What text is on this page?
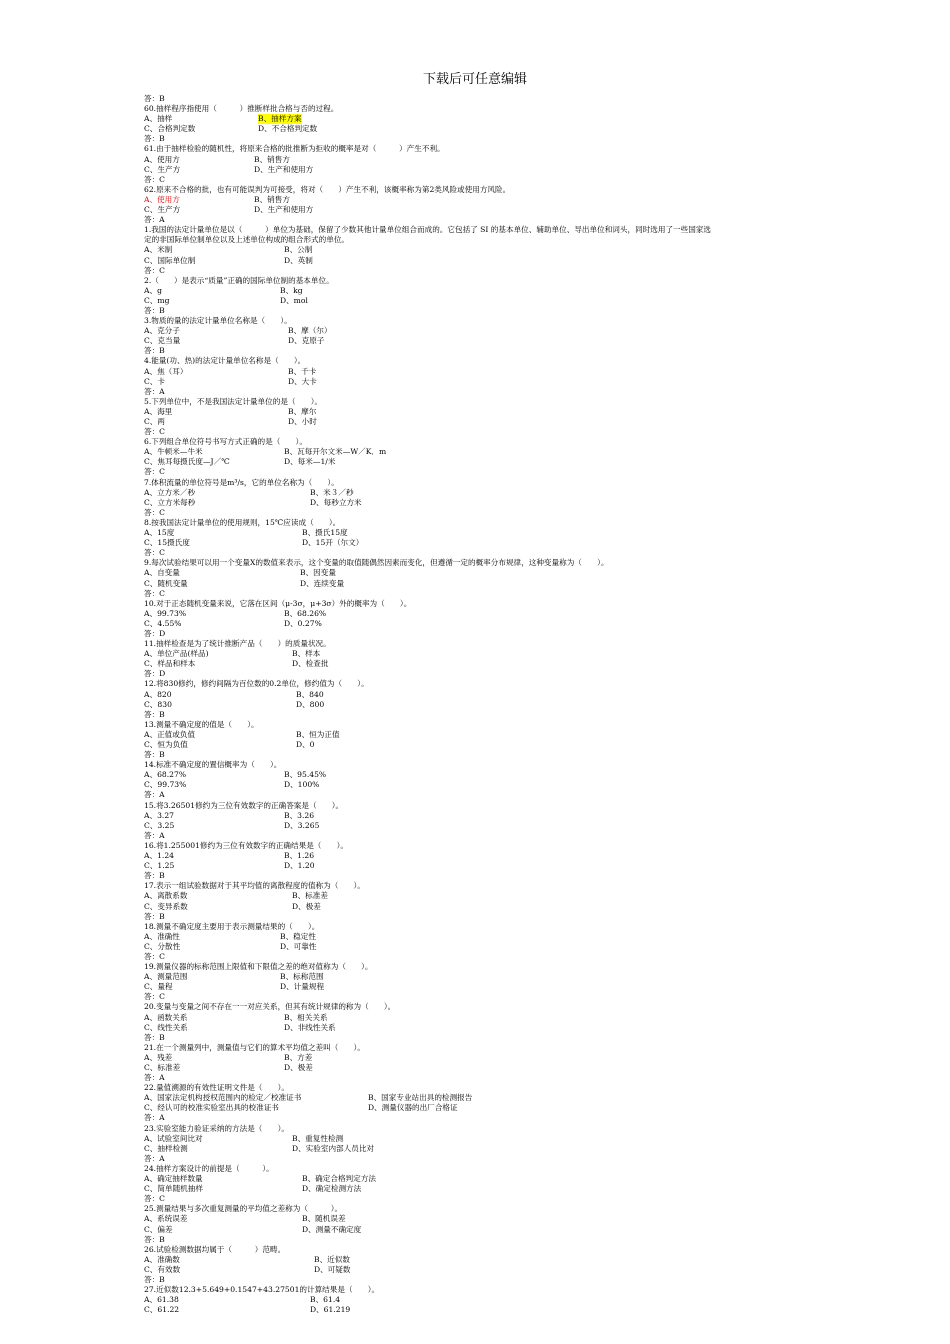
下载后可任意编辑
答：B
60.抽样程序指使用（　　　）推断样批合格与否的过程。
A、抽样	B、抽样方案
C、合格判定数	D、不合格判定数
答：B
61.由于抽样检验的随机性，将原来合格的批推断为拒收的概率是对（　　　）产生不利。
A、使用方	B、销售方
C、生产方	D、生产和使用方
答：C
62.原来不合格的批，也有可能误判为可接受，将对（　　）产生不利，该概率称为第2类风险或使用方风险。
A、使用方	B、销售方
C、生产方	D、生产和使用方
答：A
1.我国的法定计量单位是以（　　　）单位为基础，保留了少数其他计量单位组合而成的。它包括了 SI 的基本单位、辅助单位、导出单位和词头，同时选用了一些国家选
定的非国际单位制单位以及上述单位构成的组合形式的单位。
A、米制	B、公制
C、国际单位制	D、英制
答：C
2.（　　）是表示“质量”正确的国际单位制的基本单位。
A、g	B、kg
C、mg	D、mol
答：B
3.物质的量的法定计量单位名称是（　　）。
A、克分子	B、摩（尔）
C、克当量	D、克原子
答：B
4.能量(功、热)的法定计量单位名称是（　　）。
A、焦（耳）	B、千卡
C、卡	D、大卡
答：A
5.下列单位中，不是我国法定计量单位的是（　　）。
A、海里	B、摩尔
C、两	D、小时
答：C
6.下列组合单位符号书写方式正确的是（　　）。
A、牛顿米—牛米	B、瓦每开尔文米—W／K．m
C、焦耳每摄氏度—J／℃	D、每米—1/米
答：C
7.体积流量的单位符号是m³/s，它的单位名称为（　　）。
A、立方米／秒	B、米３／秒
C、立方米每秒	D、每秒立方米
答：C
8.按我国法定计量单位的使用规则，15℃应读成（　　）。
A、15度	B、摄氏15度
C、15摄氏度	D、15开（尔文）
答：C
9.每次试验结果可以用一个变量X的数值来表示，这个变量的取值随偶然因素而变化，但遵循一定的概率分布规律，这种变量称为（　　）。
A、自变量	B、因变量
C、随机变量	D、连续变量
答：C
10.对于正态随机变量来说，它落在区间（μ-3σ，μ+3σ）外的概率为（　　）。
A、99.73%	B、68.26%
C、4.55%	D、0.27%
答：D
11.抽样检查是为了统计推断产品（　　）的质量状况。
A、单位产品(样品)	B、样本
C、样品和样本	D、检查批
答：D
12.将830修约，修约间隔为百位数的0.2单位，修约值为（　　）。
A、820	B、840
C、830	D、800
答：B
13.测量不确定度的值是（　　）。
A、正值或负值	B、恒为正值
C、恒为负值	D、0
答：B
14.标准不确定度的置信概率为（　　）。
A、68.27%	B、95.45%
C、99.73%	D、100%
答：A
15.将3.26501修约为三位有效数字的正确答案是（　　）。
A、3.27	B、3.26
C、3.25	D、3.265
答：A
16.将1.255001修约为三位有效数字的正确结果是（　　）。
A、1.24	B、1.26
C、1.25	D、1.20
答：B
17.表示一组试验数据对于其平均值的离散程度的值称为（　　）。
A、离散系数	B、标准差
C、变异系数	D、极差
答：B
18.测量不确定度主要用于表示测量结果的（　　）。
A、准确性	B、稳定性
C、分散性	D、可靠性
答：C
19.测量仪器的标称范围上限值和下限值之差的绝对值称为（　　）。
A、测量范围	B、标称范围
C、量程	D、计量规程
答：C
20.变量与变量之间不存在一一对应关系，但其有统计规律的称为（　　）。
A、函数关系	B、相关关系
C、线性关系	D、非线性关系
答：B
21.在一个测量列中，测量值与它们的算术平均值之差叫（　　）。
A、残差	B、方差
C、标准差	D、极差
答：A
22.量值溯源的有效性证明文件是（　　）。
A、国家法定机构授权范围内的检定／校准证书	B、国家专业站出具的检测报告
C、经认可的校准实验室出具的校准证书	D、测量仪器的出厂合格证
答：A
23.实验室能力验证采纳的方法是（　　）。
A、试验室间比对	B、重复性检测
C、抽样检测	D、实验室内部人员比对
答：A
24.抽样方案设计的前提是（　　　）。
A、确定抽样数量	B、确定合格判定方法
C、简单随机抽样	D、确定检测方法
答：C
25.测量结果与多次重复测量的平均值之差称为（　　　）。
A、系统误差	B、随机误差
C、偏差	D、测量不确定度
答：B
26.试验检测数据均属于（　　　）范畴。
A、准确数	B、近似数
C、有效数	D、可疑数
答：B
27.近似数12.3+5.649+0.1547+43.27501的计算结果是（　　）。
A、61.38	B、61.4
C、61.22	D、61.219
